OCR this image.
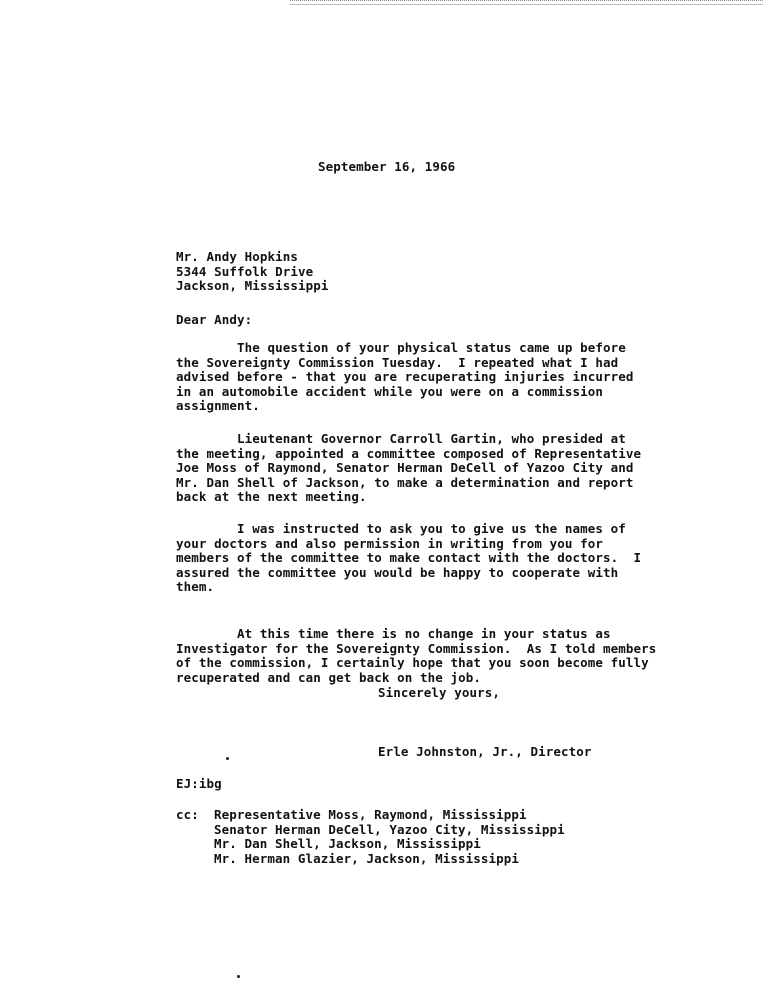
September 16, 1966
Mr. Andy Hopkins
5344 Suffolk Drive
Jackson, Mississippi
Dear Andy:
The question of your physical status came up before
the Sovereignty Commission Tuesday.  I repeated what I had
advised before - that you are recuperating injuries incurred
in an automobile accident while you were on a commission
assignment.
Lieutenant Governor Carroll Gartin, who presided at
the meeting, appointed a committee composed of Representative
Joe Moss of Raymond, Senator Herman DeCell of Yazoo City and
Mr. Dan Shell of Jackson, to make a determination and report
back at the next meeting.
I was instructed to ask you to give us the names of
your doctors and also permission in writing from you for
members of the committee to make contact with the doctors.  I
assured the committee you would be happy to cooperate with
them.
At this time there is no change in your status as
Investigator for the Sovereignty Commission.  As I told members
of the commission, I certainly hope that you soon become fully
recuperated and can get back on the job.
Sincerely yours,
Erle Johnston, Jr., Director
EJ:ibg
cc: Representative Moss, Raymond, Mississippi
Senator Herman DeCell, Yazoo City, Mississippi
Mr. Dan Shell, Jackson, Mississippi
Mr. Herman Glazier, Jackson, Mississippi
